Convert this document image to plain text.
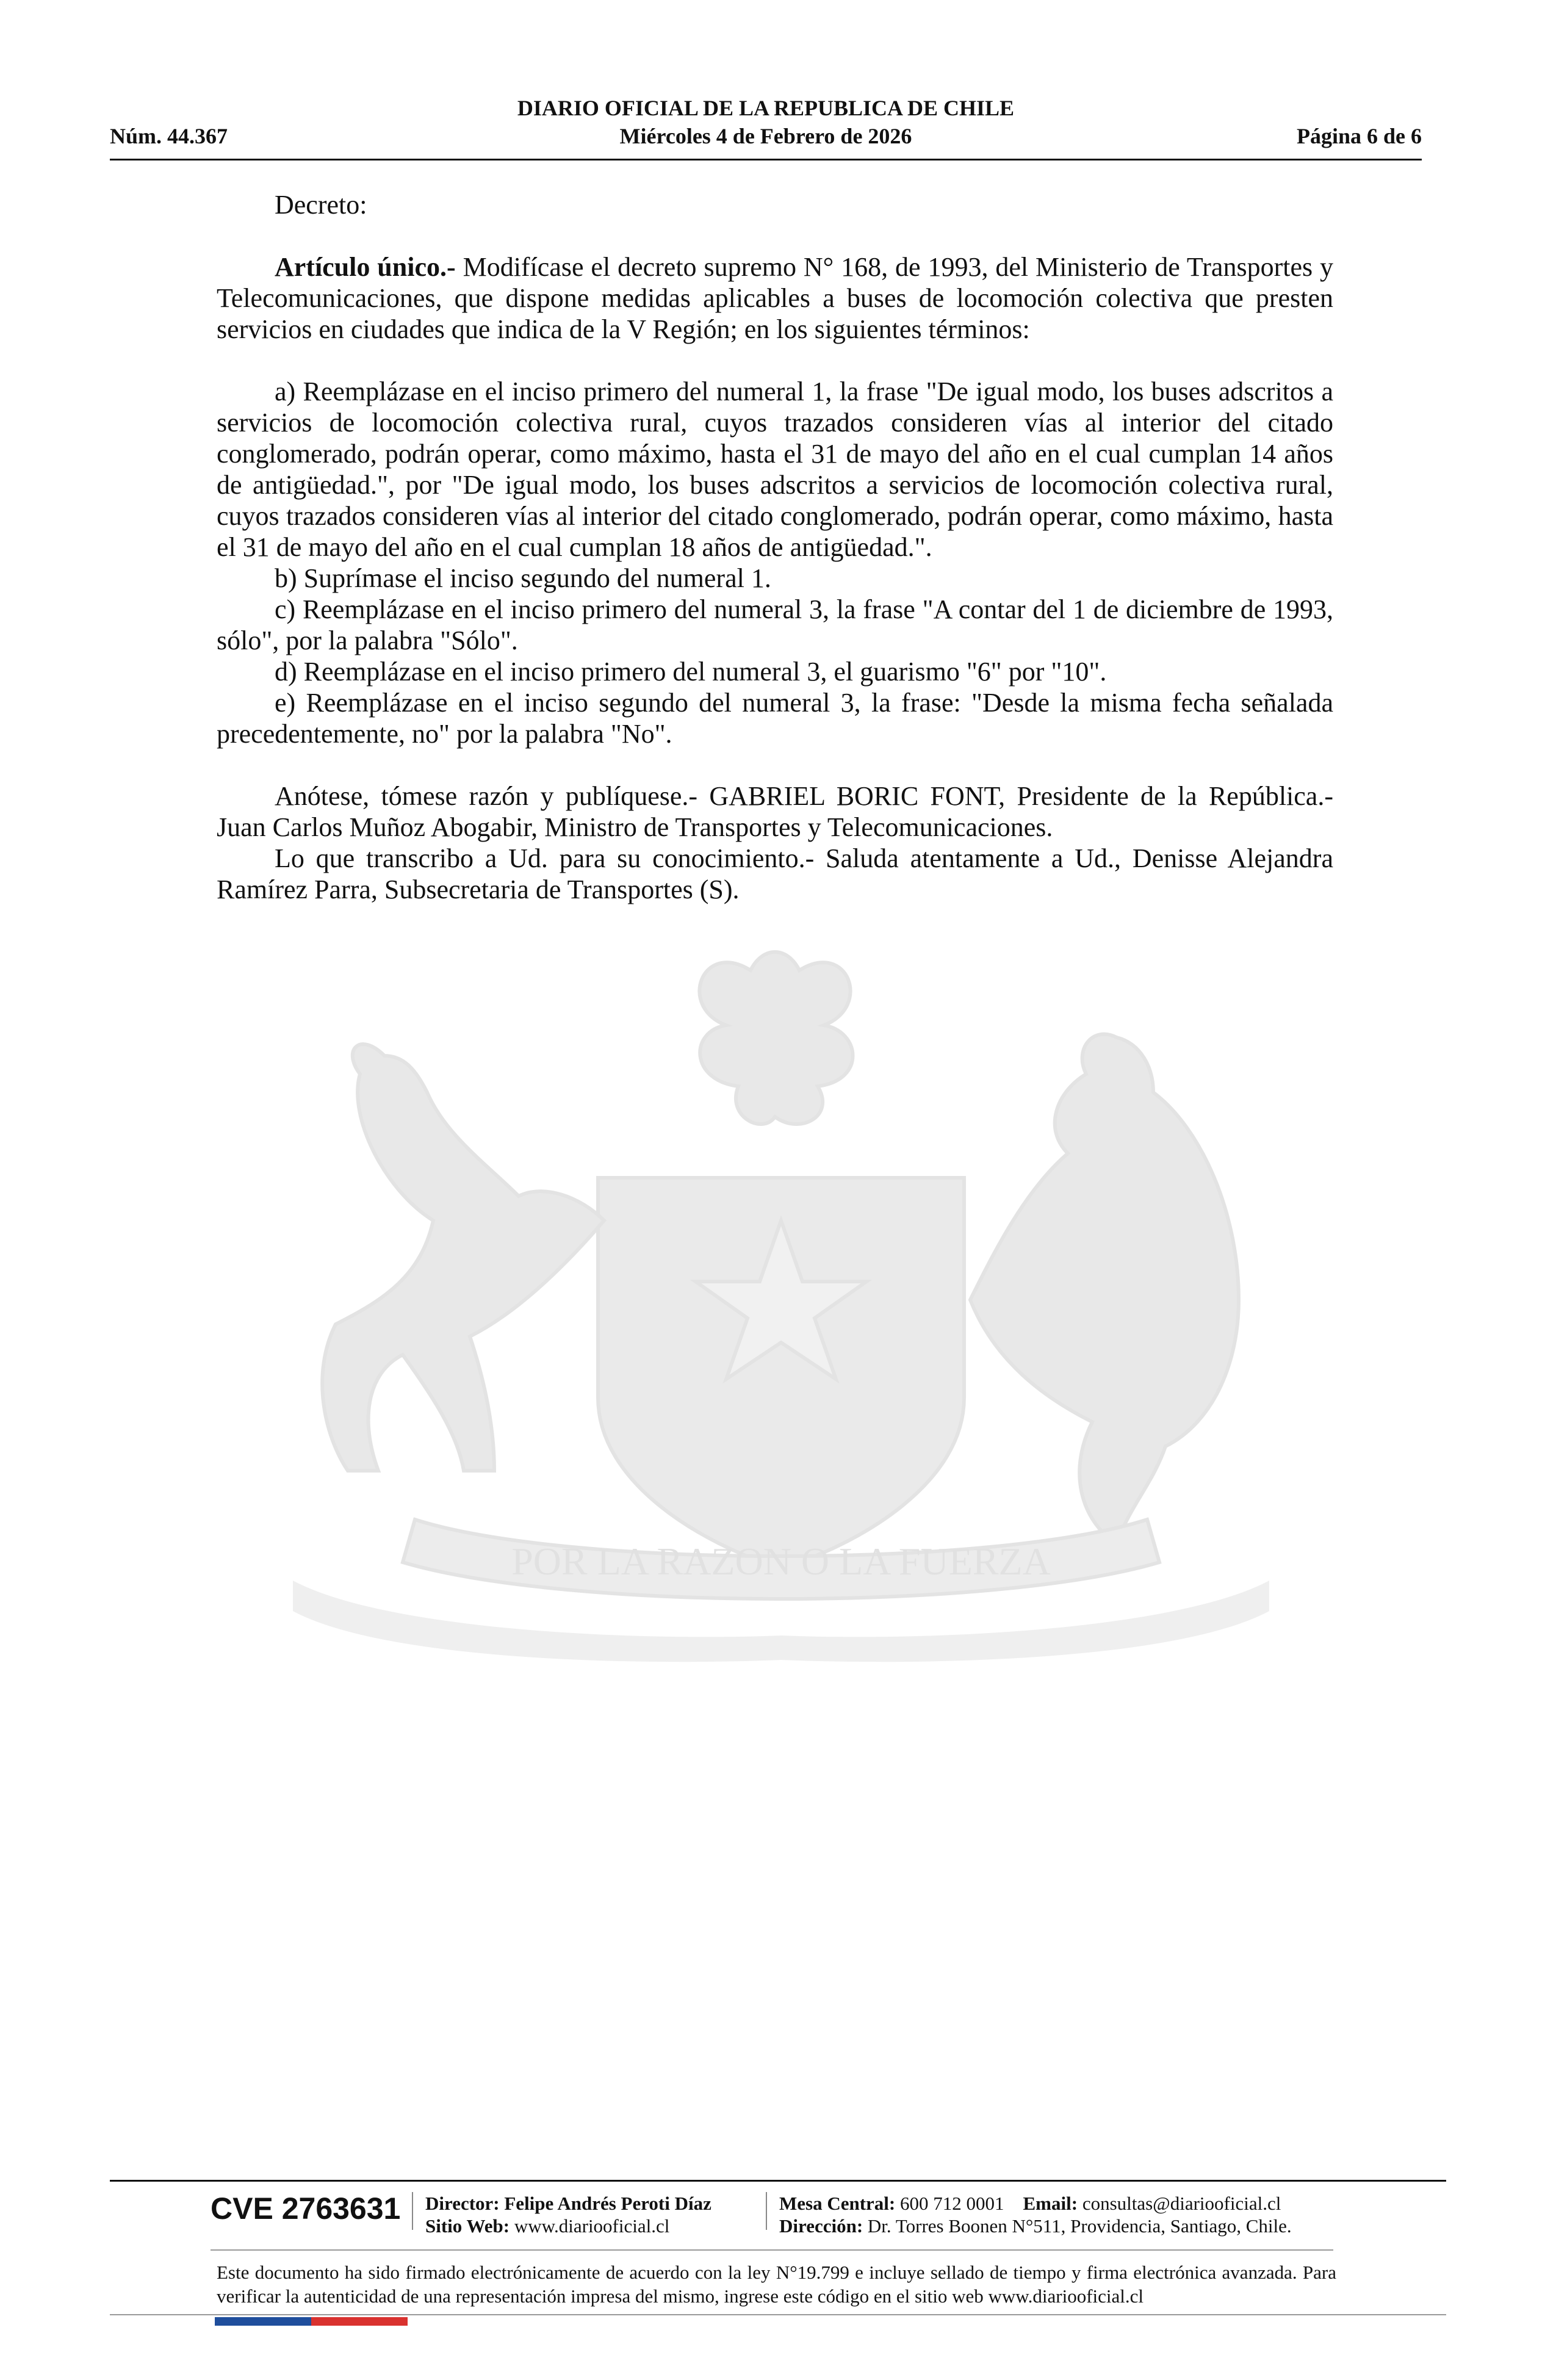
DIARIO OFICIAL DE LA REPUBLICA DE CHILE
Núm. 44.367	Miércoles 4 de Febrero de 2026	Página 6 de 6
POR LA RAZON O LA FUERZA

Decreto:

Artículo único.- Modifícase el decreto supremo N° 168, de 1993, del Ministerio de Transportes y Telecomunicaciones, que dispone medidas aplicables a buses de locomoción colectiva que presten servicios en ciudades que indica de la V Región; en los siguientes términos:

a) Reemplázase en el inciso primero del numeral 1, la frase "De igual modo, los buses adscritos a servicios de locomoción colectiva rural, cuyos trazados consideren vías al interior del citado conglomerado, podrán operar, como máximo, hasta el 31 de mayo del año en el cual cumplan 14 años de antigüedad.", por "De igual modo, los buses adscritos a servicios de locomoción colectiva rural, cuyos trazados consideren vías al interior del citado conglomerado, podrán operar, como máximo, hasta el 31 de mayo del año en el cual cumplan 18 años de antigüedad.".

b) Suprímase el inciso segundo del numeral 1.

c) Reemplázase en el inciso primero del numeral 3, la frase "A contar del 1 de diciembre de 1993, sólo", por la palabra "Sólo".

d) Reemplázase en el inciso primero del numeral 3, el guarismo "6" por "10".

e) Reemplázase en el inciso segundo del numeral 3, la frase: "Desde la misma fecha señalada precedentemente, no" por la palabra "No".

Anótese, tómese razón y publíquese.- GABRIEL BORIC FONT, Presidente de la República.- Juan Carlos Muñoz Abogabir, Ministro de Transportes y Telecomunicaciones.

Lo que transcribo a Ud. para su conocimiento.- Saluda atentamente a Ud., Denisse Alejandra Ramírez Parra, Subsecretaria de Transportes (S).

CVE 2763631 Director: Felipe Andrés Peroti Díaz
Sitio Web: www.diariooficial.cl
Mesa Central: 600 712 0001 Email: consultas@diariooficial.cl
Dirección: Dr. Torres Boonen N°511, Providencia, Santiago, Chile.
Este documento ha sido firmado electrónicamente de acuerdo con la ley N°19.799 e incluye sellado de tiempo y firma electrónica avanzada. Para verificar la autenticidad de una representación impresa del mismo, ingrese este código en el sitio web www.diariooficial.cl
